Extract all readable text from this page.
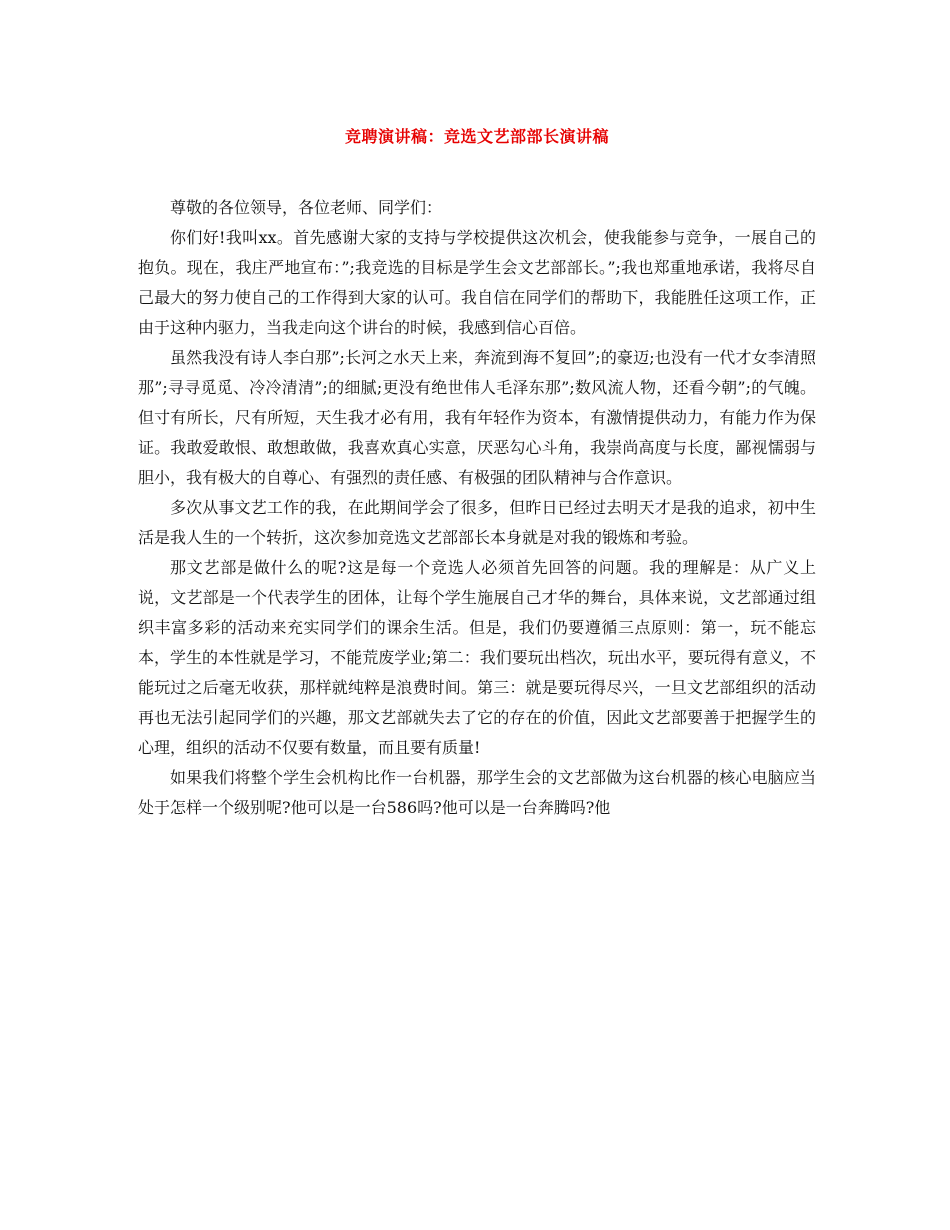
竞聘演讲稿：竞选文艺部部长演讲稿

尊敬的各位领导，各位老师、同学们：

你们好!我叫xx。首先感谢大家的支持与学校提供这次机会，使我能参与竞争，一展自己的抱负。现在，我庄严地宣布：”;我竞选的目标是学生会文艺部部长。”;我也郑重地承诺，我将尽自己最大的努力使自己的工作得到大家的认可。我自信在同学们的帮助下，我能胜任这项工作，正由于这种内驱力，当我走向这个讲台的时候，我感到信心百倍。

虽然我没有诗人李白那”;长河之水天上来，奔流到海不复回”;的豪迈;也没有一代才女李清照那”;寻寻觅觅、冷冷清清”;的细腻;更没有绝世伟人毛泽东那”;数风流人物，还看今朝”;的气魄。但寸有所长，尺有所短，天生我才必有用，我有年轻作为资本，有激情提供动力，有能力作为保证。我敢爱敢恨、敢想敢做，我喜欢真心实意，厌恶勾心斗角，我崇尚高度与长度，鄙视懦弱与胆小，我有极大的自尊心、有强烈的责任感、有极强的团队精神与合作意识。

多次从事文艺工作的我，在此期间学会了很多，但昨日已经过去明天才是我的追求，初中生活是我人生的一个转折，这次参加竞选文艺部部长本身就是对我的锻炼和考验。

那文艺部是做什么的呢?这是每一个竞选人必须首先回答的问题。我的理解是：从广义上说，文艺部是一个代表学生的团体，让每个学生施展自己才华的舞台，具体来说，文艺部通过组织丰富多彩的活动来充实同学们的课余生活。但是，我们仍要遵循三点原则：第一，玩不能忘本，学生的本性就是学习，不能荒废学业;第二：我们要玩出档次，玩出水平，要玩得有意义，不能玩过之后毫无收获，那样就纯粹是浪费时间。第三：就是要玩得尽兴，一旦文艺部组织的活动再也无法引起同学们的兴趣，那文艺部就失去了它的存在的价值，因此文艺部要善于把握学生的心理，组织的活动不仅要有数量，而且要有质量!

如果我们将整个学生会机构比作一台机器，那学生会的文艺部做为这台机器的核心电脑应当处于怎样一个级别呢?他可以是一台586吗?他可以是一台奔腾吗?他
